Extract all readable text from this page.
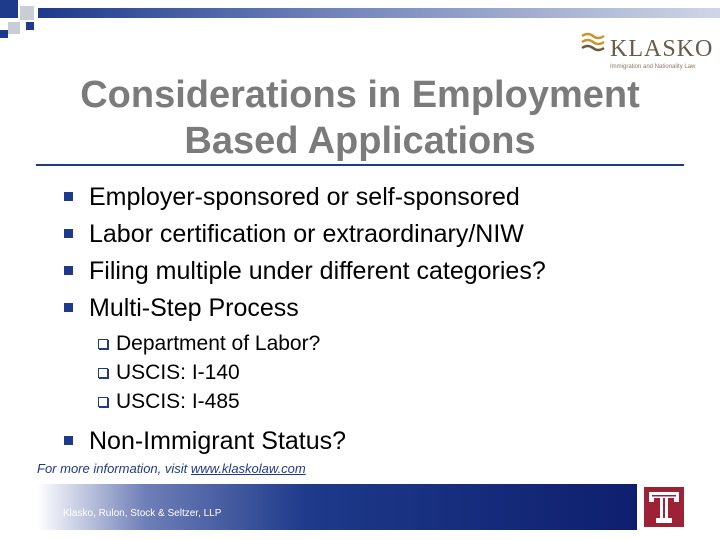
KLASKO
Immigration and Nationality Law
Considerations in Employment
Based Applications
Employer-sponsored or self-sponsored
Labor certification or extraordinary/NIW
Filing multiple under different categories?
Multi-Step Process
Department of Labor?
USCIS: I-140
USCIS: I-485
Non-Immigrant Status?
For more information, visit www.klaskolaw.com
Klasko, Rulon, Stock & Seltzer, LLP
